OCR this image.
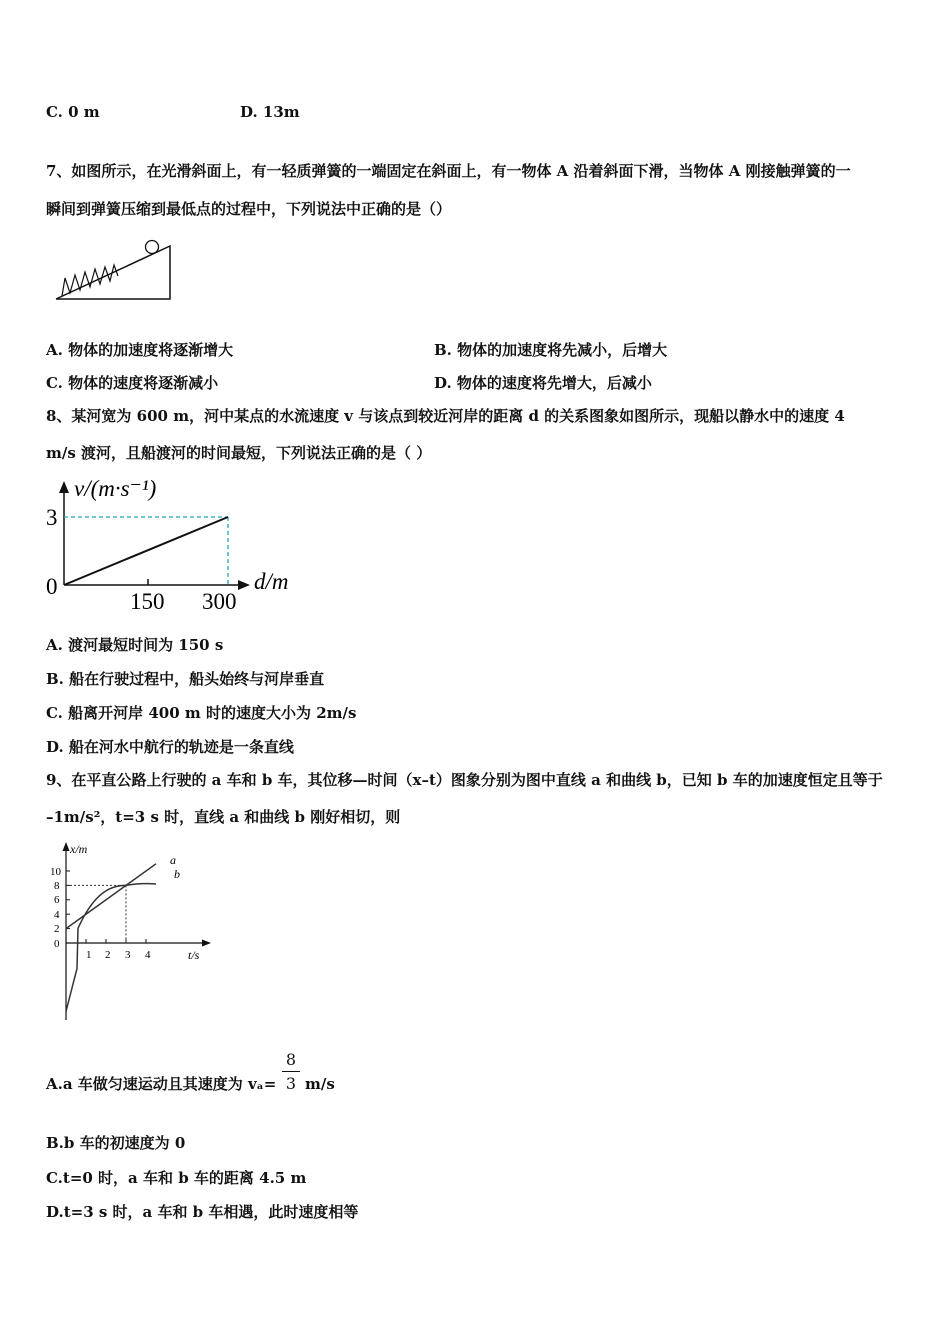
C. 0 m	D. 13m
7、如图所示，在光滑斜面上，有一轻质弹簧的一端固定在斜面上，有一物体 A 沿着斜面下滑，当物体 A 刚接触弹簧的一
瞬间到弹簧压缩到最低点的过程中，下列说法中正确的是（）
A. 物体的加速度将逐渐增大	B. 物体的加速度将先减小，后增大
C. 物体的速度将逐渐减小	D. 物体的速度将先增大，后减小
8、某河宽为 600 m，河中某点的水流速度 v 与该点到较近河岸的距离 d 的关系图象如图所示，现船以静水中的速度 4
m/s 渡河，且船渡河的时间最短，下列说法正确的是（ ）
v/(m·s⁻¹)
d/m
0
3
150 300
A. 渡河最短时间为 150 s
B. 船在行驶过程中，船头始终与河岸垂直
C. 船离开河岸 400 m 时的速度大小为 2m/s
D. 船在河水中航行的轨迹是一条直线
9、在平直公路上行驶的 a 车和 b 车，其位移—时间（x–t）图象分别为图中直线 a 和曲线 b，已知 b 车的加速度恒定且等于
–1m/s²，t=3 s 时，直线 a 和曲线 b 刚好相切，则
x/m
t/s
a
b
10
8
6
4
2
0
1 2 3 4
A.a 车做匀速运动且其速度为 vₐ=
8
3 m/s
B.b 车的初速度为 0
C.t=0 时，a 车和 b 车的距离 4.5 m
D.t=3 s 时，a 车和 b 车相遇，此时速度相等
